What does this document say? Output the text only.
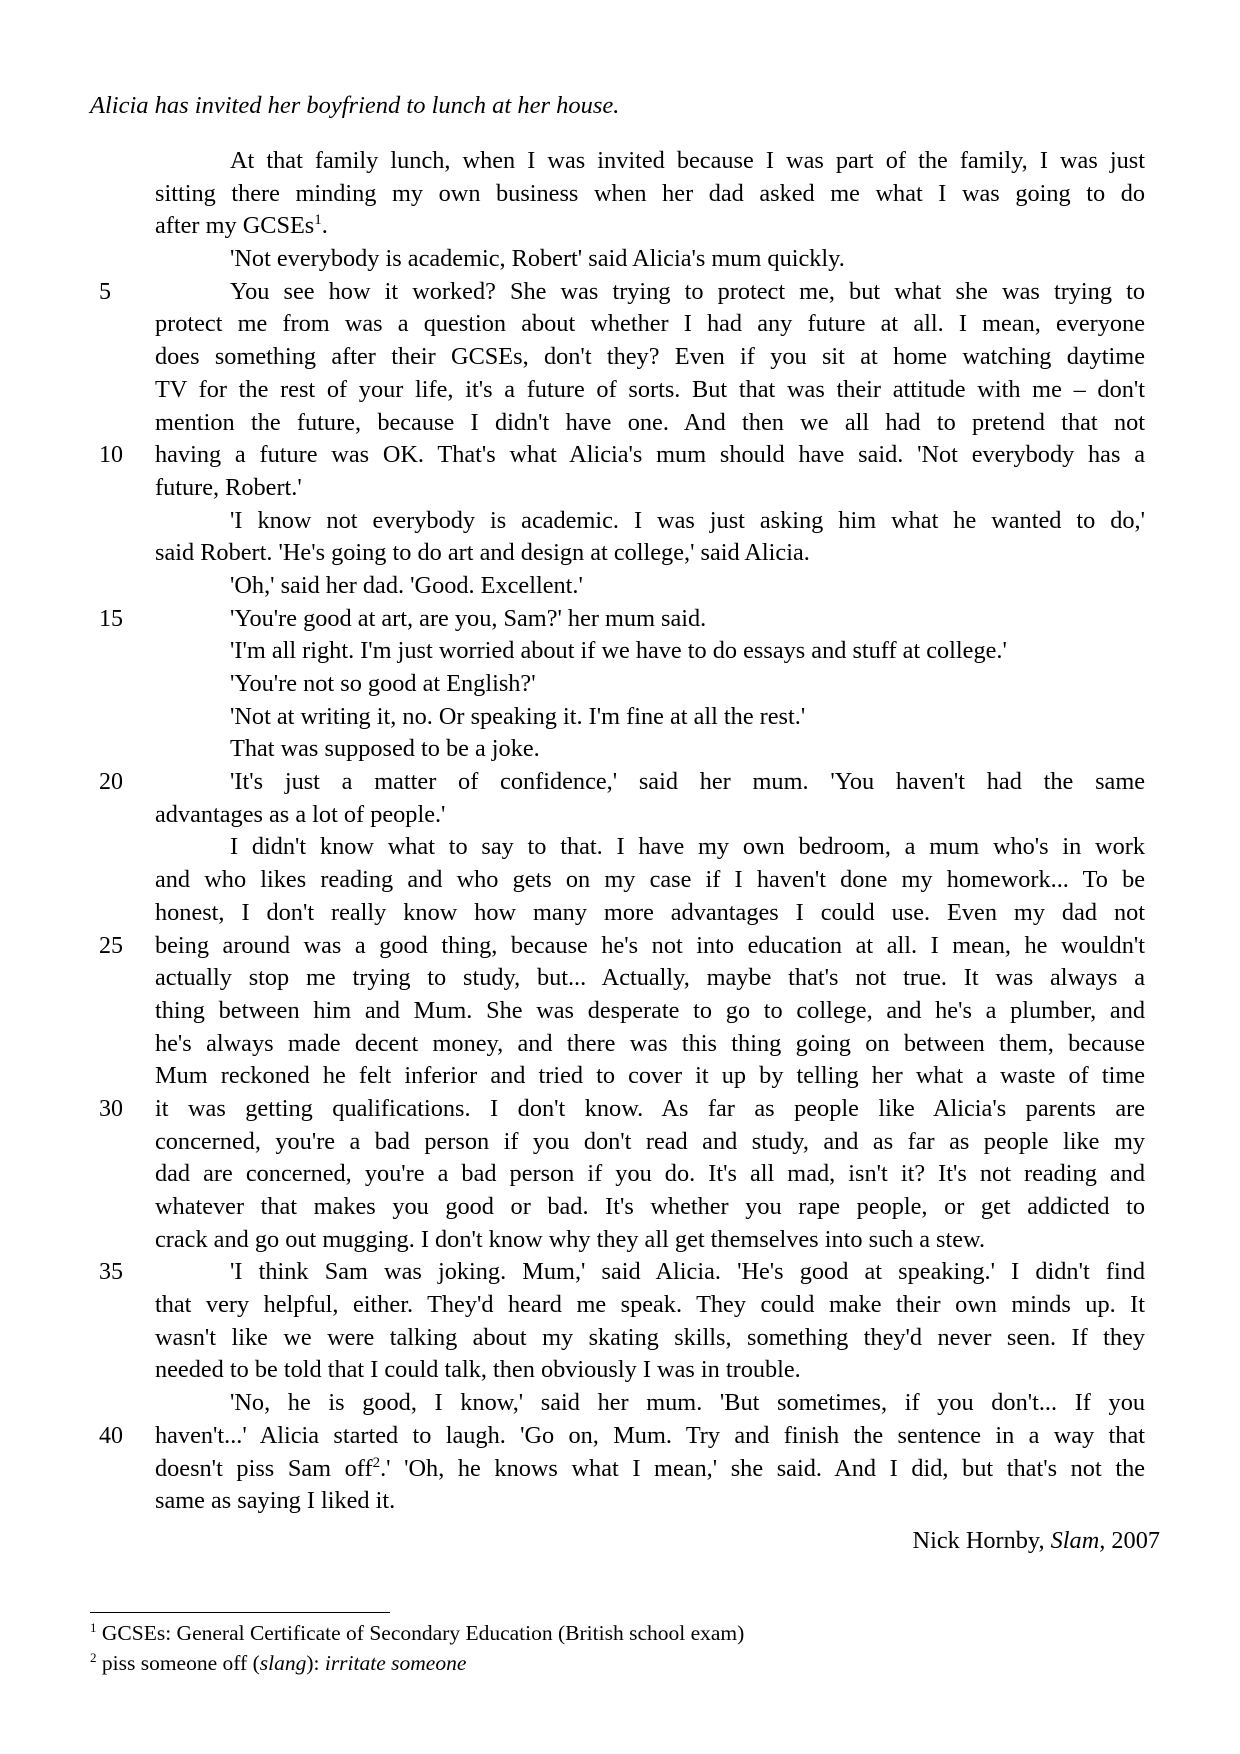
Alicia has invited her boyfriend to lunch at her house.

At that family lunch, when I was invited because I was part of the family, I was just
sitting there minding my own business when her dad asked me what I was going to do
after my GCSEs$^1$.
'Not everybody is academic, Robert' said Alicia's mum quickly.
5	You see how it worked? She was trying to protect me, but what she was trying to
protect me from was a question about whether I had any future at all. I mean, everyone
does something after their GCSEs, don't they? Even if you sit at home watching daytime
TV for the rest of your life, it's a future of sorts. But that was their attitude with me – don't
mention the future, because I didn't have one. And then we all had to pretend that not
10	having a future was OK. That's what Alicia's mum should have said. 'Not everybody has a
future, Robert.'
'I know not everybody is academic. I was just asking him what he wanted to do,'
said Robert. 'He's going to do art and design at college,' said Alicia.
'Oh,' said her dad. 'Good. Excellent.'
15	'You're good at art, are you, Sam?' her mum said.
'I'm all right. I'm just worried about if we have to do essays and stuff at college.'
'You're not so good at English?'
'Not at writing it, no. Or speaking it. I'm fine at all the rest.'
That was supposed to be a joke.
20	'It's just a matter of confidence,' said her mum. 'You haven't had the same
advantages as a lot of people.'
I didn't know what to say to that. I have my own bedroom, a mum who's in work
and who likes reading and who gets on my case if I haven't done my homework... To be
honest, I don't really know how many more advantages I could use. Even my dad not
25	being around was a good thing, because he's not into education at all. I mean, he wouldn't
actually stop me trying to study, but... Actually, maybe that's not true. It was always a
thing between him and Mum. She was desperate to go to college, and he's a plumber, and
he's always made decent money, and there was this thing going on between them, because
Mum reckoned he felt inferior and tried to cover it up by telling her what a waste of time
30	it was getting qualifications. I don't know. As far as people like Alicia's parents are
concerned, you're a bad person if you don't read and study, and as far as people like my
dad are concerned, you're a bad person if you do. It's all mad, isn't it? It's not reading and
whatever that makes you good or bad. It's whether you rape people, or get addicted to
crack and go out mugging. I don't know why they all get themselves into such a stew.
35	'I think Sam was joking. Mum,' said Alicia. 'He's good at speaking.' I didn't find
that very helpful, either. They'd heard me speak. They could make their own minds up. It
wasn't like we were talking about my skating skills, something they'd never seen. If they
needed to be told that I could talk, then obviously I was in trouble.
'No, he is good, I know,' said her mum. 'But sometimes, if you don't... If you
40	haven't...' Alicia started to laugh. 'Go on, Mum. Try and finish the sentence in a way that
doesn't piss Sam off$^2$.' 'Oh, he knows what I mean,' she said. And I did, but that's not the
same as saying I liked it.

Nick Hornby, Slam, 2007

$^1$ GCSEs: General Certificate of Secondary Education (British school exam)
$^2$ piss someone off (slang): irritate someone
